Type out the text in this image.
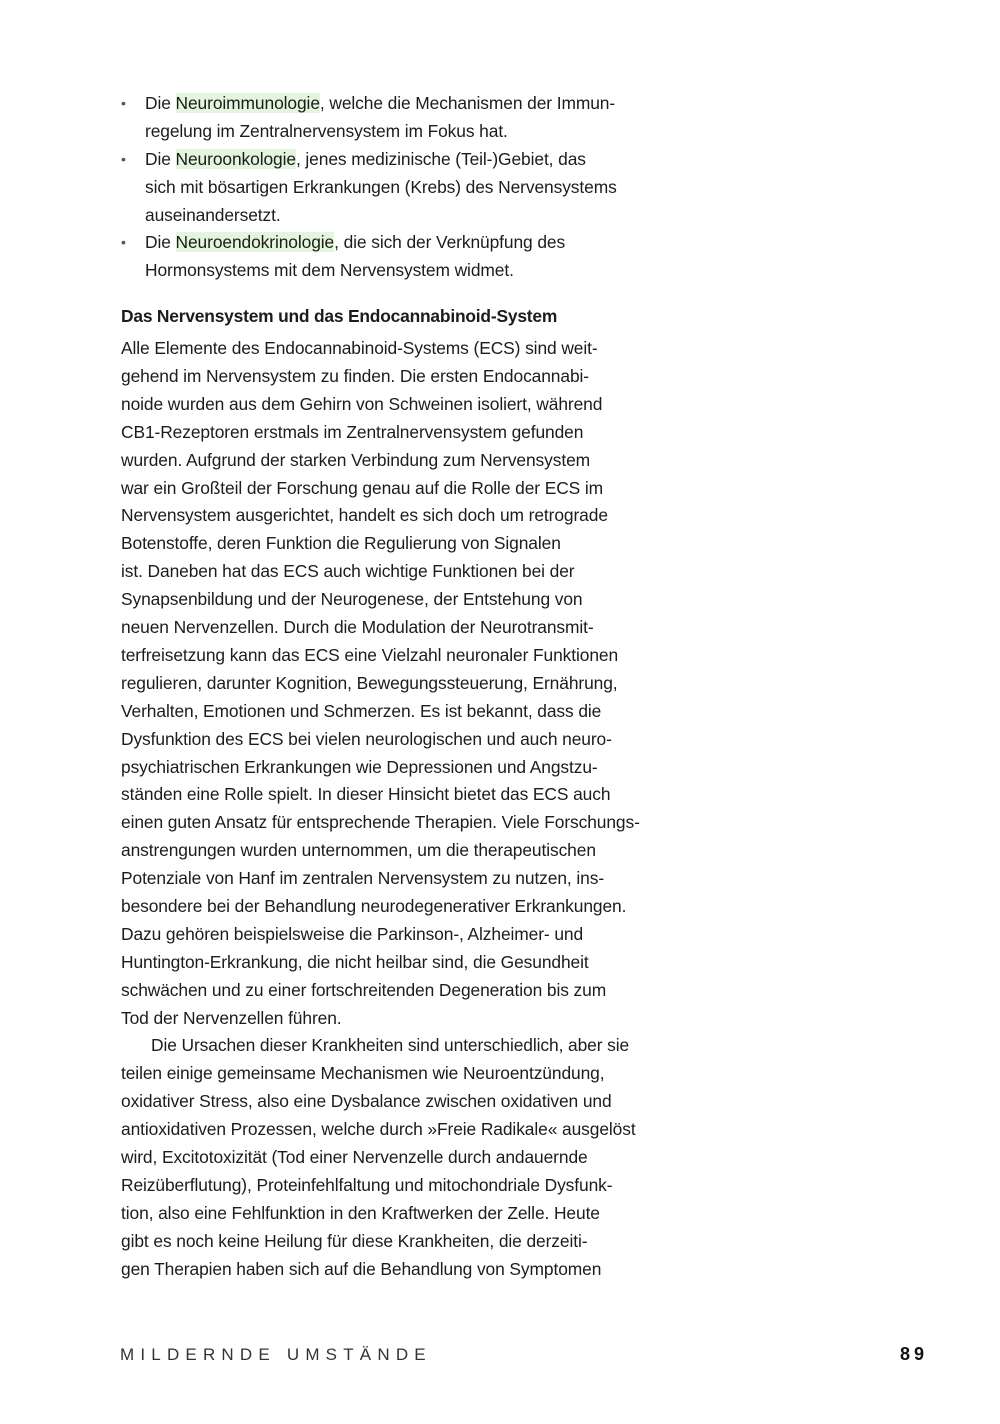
• Die Neuroimmunologie, welche die Mechanismen der Immun-
regelung im Zentralnervensystem im Fokus hat.
• Die Neuroonkologie, jenes medizinische (Teil-)Gebiet, das
sich mit bösartigen Erkrankungen (Krebs) des Nervensystems
auseinandersetzt.
• Die Neuroendokrinologie, die sich der Verknüpfung des
Hormonsystems mit dem Nervensystem widmet.
Das Nervensystem und das Endocannabinoid-System
Alle Elemente des Endocannabinoid-Systems (ECS) sind weit-
gehend im Nervensystem zu finden. Die ersten Endocannabi-
noide wurden aus dem Gehirn von Schweinen isoliert, während
CB1-Rezeptoren erstmals im Zentralnervensystem gefunden
wurden. Aufgrund der starken Verbindung zum Nervensystem
war ein Großteil der Forschung genau auf die Rolle der ECS im
Nervensystem ausgerichtet, handelt es sich doch um retrograde
Botenstoffe, deren Funktion die Regulierung von Signalen
ist. Daneben hat das ECS auch wichtige Funktionen bei der
Synapsenbildung und der Neurogenese, der Entstehung von
neuen Nervenzellen. Durch die Modulation der Neurotransmit-
terfreisetzung kann das ECS eine Vielzahl neuronaler Funktionen
regulieren, darunter Kognition, Bewegungssteuerung, Ernährung,
Verhalten, Emotionen und Schmerzen. Es ist bekannt, dass die
Dysfunktion des ECS bei vielen neurologischen und auch neuro-
psychiatrischen Erkrankungen wie Depressionen und Angstzu-
ständen eine Rolle spielt. In dieser Hinsicht bietet das ECS auch
einen guten Ansatz für entsprechende Therapien. Viele Forschungs-
anstrengungen wurden unternommen, um die therapeutischen
Potenziale von Hanf im zentralen Nervensystem zu nutzen, ins-
besondere bei der Behandlung neurodegenerativer Erkrankungen.
Dazu gehören beispielsweise die Parkinson-, Alzheimer- und
Huntington-Erkrankung, die nicht heilbar sind, die Gesundheit
schwächen und zu einer fortschreitenden Degeneration bis zum
Tod der Nervenzellen führen.
Die Ursachen dieser Krankheiten sind unterschiedlich, aber sie
teilen einige gemeinsame Mechanismen wie Neuroentzündung,
oxidativer Stress, also eine Dysbalance zwischen oxidativen und
antioxidativen Prozessen, welche durch »Freie Radikale« ausgelöst
wird, Excitotoxizität (Tod einer Nervenzelle durch andauernde
Reizüberflutung), Proteinfehlfaltung und mitochondriale Dysfunk-
tion, also eine Fehlfunktion in den Kraftwerken der Zelle. Heute
gibt es noch keine Heilung für diese Krankheiten, die derzeiti-
gen Therapien haben sich auf die Behandlung von Symptomen
MILDERNDE UMSTÄNDE	89
